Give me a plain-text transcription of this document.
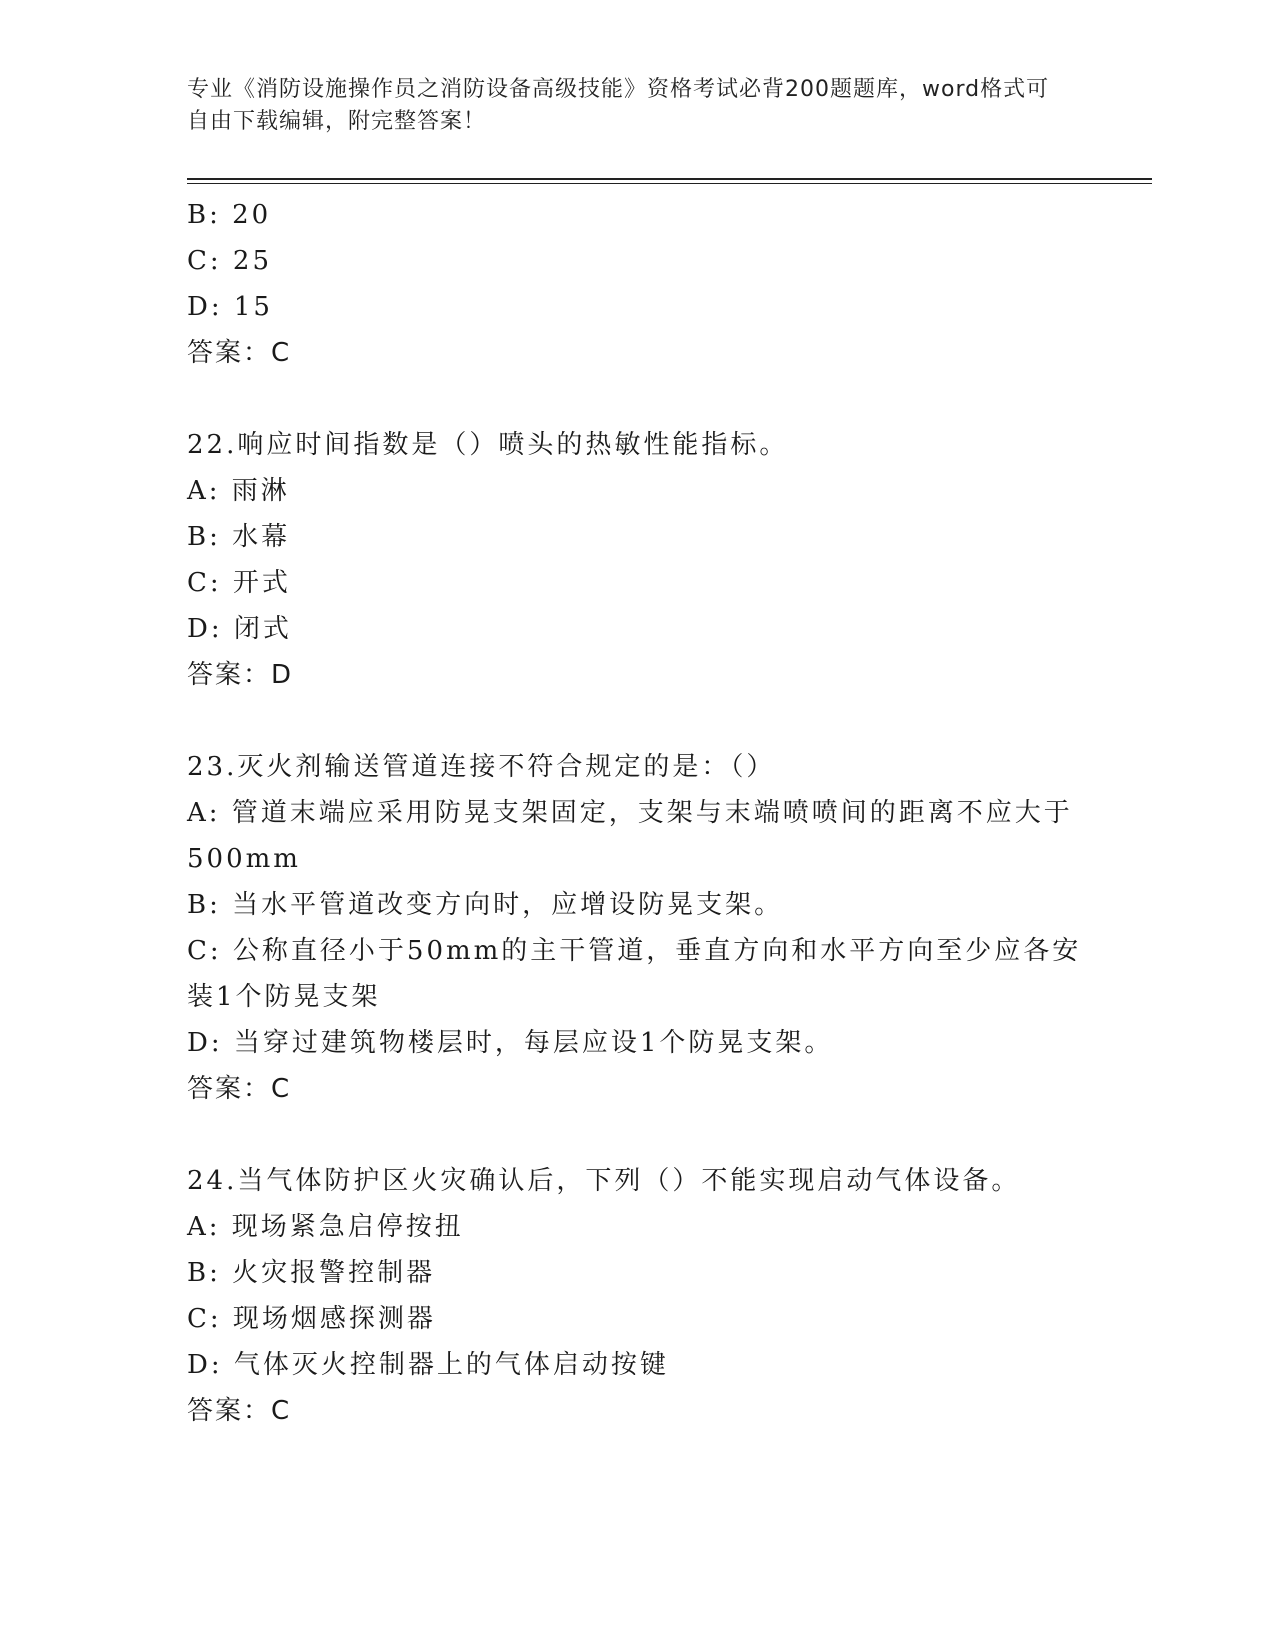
专业《消防设施操作员之消防设备高级技能》资格考试必背200题题库，word格式可自由下载编辑，附完整答案！
B: 20
C: 25
D: 15
答案：C
22.响应时间指数是（）喷头的热敏性能指标。
A: 雨淋
B: 水幕
C: 开式
D: 闭式
答案：D
23.灭火剂输送管道连接不符合规定的是：（）
A: 管道末端应采用防晃支架固定，支架与末端喷喷间的距离不应大于500mm
B: 当水平管道改变方向时，应增设防晃支架。
C: 公称直径小于50mm的主干管道，垂直方向和水平方向至少应各安装1个防晃支架
D: 当穿过建筑物楼层时，每层应设1个防晃支架。
答案：C
24.当气体防护区火灾确认后，下列（）不能实现启动气体设备。
A: 现场紧急启停按扭
B: 火灾报警控制器
C: 现场烟感探测器
D: 气体灭火控制器上的气体启动按键
答案：C
